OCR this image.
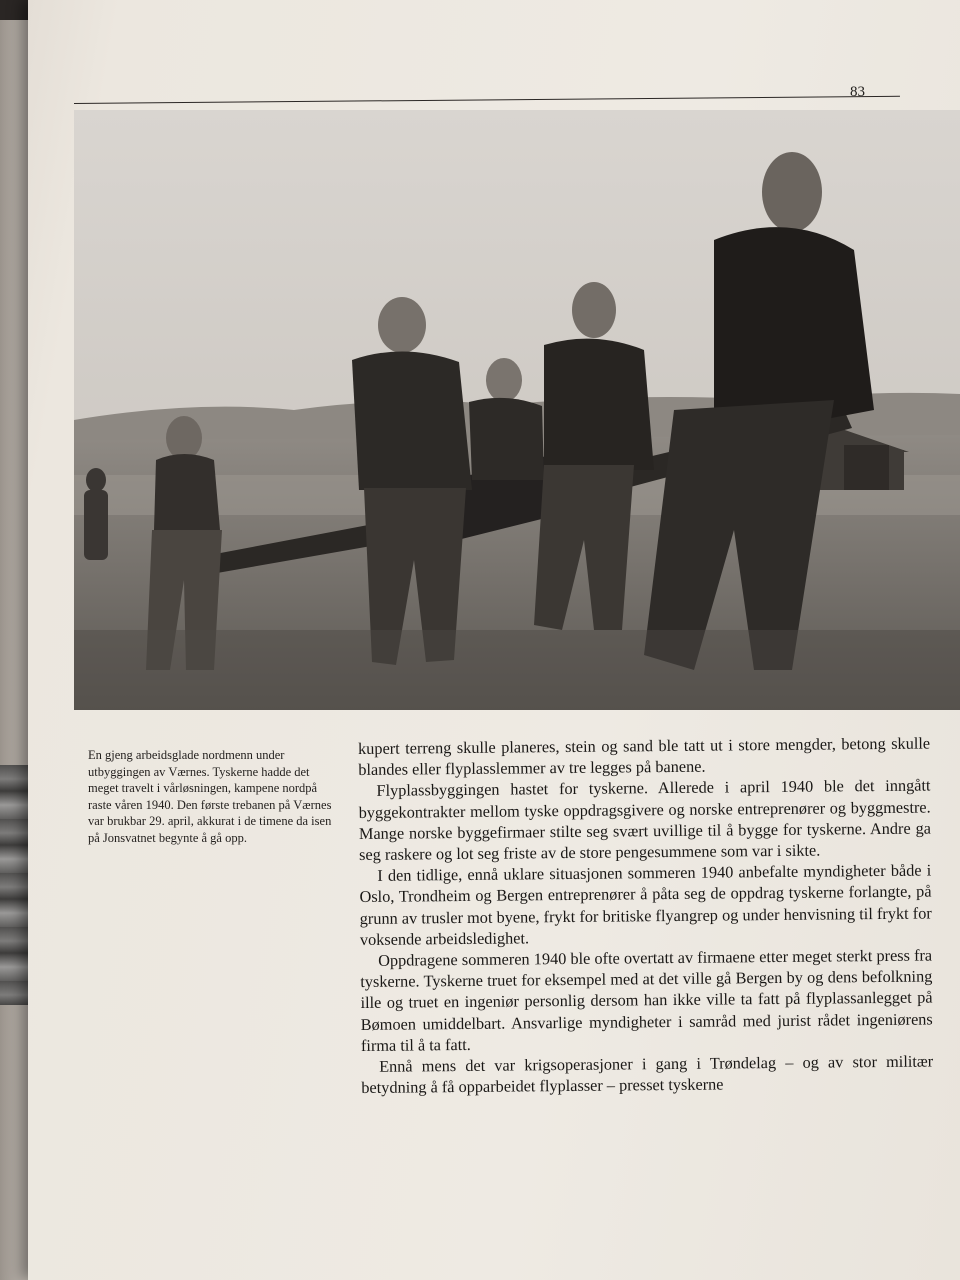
83

En gjeng arbeidsglade nordmenn under utbyggingen av Værnes. Tyskerne hadde det meget travelt i vårløsningen, kampene nordpå raste våren 1940. Den første trebanen på Værnes var brukbar 29. april, akkurat i de timene da isen på Jonsvatnet begynte å gå opp.

kupert terreng skulle planeres, stein og sand ble tatt ut i store mengder, betong skulle blandes eller flyplasslemmer av tre legges på banene.

Flyplassbyggingen hastet for tyskerne. Allerede i april 1940 ble det inngått byggekontrakter mellom tyske oppdragsgivere og norske entreprenører og byggmestre. Mange norske byggefirmaer stilte seg svært uvillige til å bygge for tyskerne. Andre ga seg raskere og lot seg friste av de store pengesummene som var i sikte.

I den tidlige, ennå uklare situasjonen sommeren 1940 anbefalte myndigheter både i Oslo, Trondheim og Bergen entreprenører å påta seg de oppdrag tyskerne forlangte, på grunn av trusler mot byene, frykt for britiske flyangrep og under henvisning til frykt for voksende arbeidsledighet.

Oppdragene sommeren 1940 ble ofte overtatt av firmaene etter meget sterkt press fra tyskerne. Tyskerne truet for eksempel med at det ville gå Bergen by og dens befolkning ille og truet en ingeniør personlig dersom han ikke ville ta fatt på flyplassanlegget på Bømoen umiddelbart. Ansvarlige myndigheter i samråd med jurist rådet ingeniørens firma til å ta fatt.

Ennå mens det var krigsoperasjoner i gang i Trøndelag – og av stor militær betydning å få opparbeidet flyplasser – presset tyskerne
